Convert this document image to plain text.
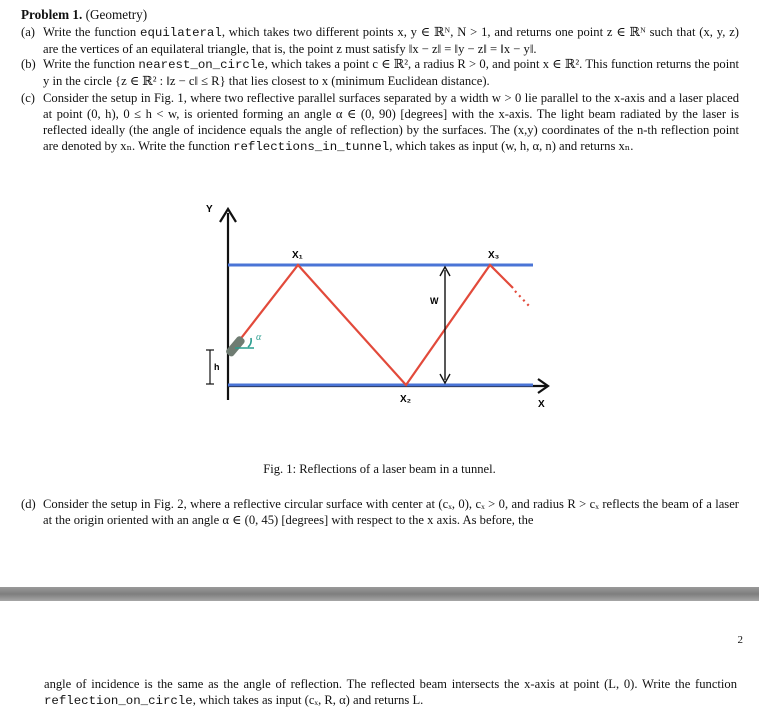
Problem 1. (Geometry)
(a) Write the function equilateral, which takes two different points x, y ∈ ℝᴺ, N > 1, and returns one point z ∈ ℝᴺ such that (x, y, z) are the vertices of an equilateral triangle, that is, the point z must satisfy ‖x − z‖ = ‖y − z‖ = ‖x − y‖.
(b) Write the function nearest_on_circle, which takes a point c ∈ ℝ², a radius R > 0, and point x ∈ ℝ². This function returns the point y in the circle {z ∈ ℝ² : ‖z − c‖ ≤ R} that lies closest to x (minimum Euclidean distance).
(c) Consider the setup in Fig. 1, where two reflective parallel surfaces separated by a width w > 0 lie parallel to the x-axis and a laser placed at point (0, h), 0 ≤ h < w, is oriented forming an angle α ∈ (0, 90) [degrees] with the x-axis. The light beam radiated by the laser is reflected ideally (the angle of incidence equals the angle of reflection) by the surfaces. The (x,y) coordinates of the n-th reflection point are denoted by xₙ. Write the function reflections_in_tunnel, which takes as input (w, h, α, n) and returns xₙ.
Y
X
X₁
X₂
X₃
W
h
α
Fig. 1: Reflections of a laser beam in a tunnel.
(d) Consider the setup in Fig. 2, where a reflective circular surface with center at (cₓ, 0), cₓ > 0, and radius R > cₓ reflects the beam of a laser at the origin oriented with an angle α ∈ (0, 45) [degrees] with respect to the x axis. As before, the
2
angle of incidence is the same as the angle of reflection. The reflected beam intersects the x-axis at point (L, 0). Write the function reflection_on_circle, which takes as input (cₓ, R, α) and returns L.
